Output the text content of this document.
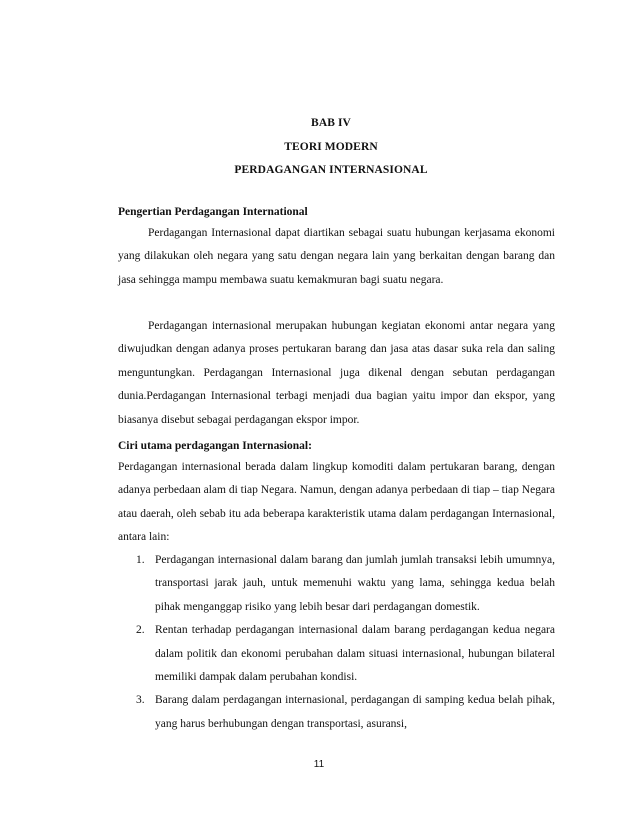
BAB IV
TEORI MODERN
PERDAGANGAN INTERNASIONAL
Pengertian Perdagangan International
Perdagangan Internasional dapat diartikan sebagai suatu hubungan kerjasama ekonomi yang dilakukan oleh negara yang satu dengan negara lain yang berkaitan dengan barang dan jasa sehingga mampu membawa suatu kemakmuran bagi suatu negara.
Perdagangan internasional merupakan hubungan kegiatan ekonomi antar negara yang diwujudkan dengan adanya proses pertukaran barang dan jasa atas dasar suka rela dan saling menguntungkan. Perdagangan Internasional juga dikenal dengan sebutan perdagangan dunia.Perdagangan Internasional terbagi menjadi dua bagian yaitu impor dan ekspor, yang biasanya disebut sebagai perdagangan ekspor impor.
Ciri utama perdagangan Internasional:
Perdagangan internasional berada dalam lingkup komoditi dalam pertukaran barang, dengan adanya perbedaan alam di tiap Negara. Namun, dengan adanya perbedaan di tiap – tiap Negara atau daerah, oleh sebab itu ada beberapa karakteristik utama dalam perdagangan Internasional, antara lain:
1. Perdagangan internasional dalam barang dan jumlah jumlah transaksi lebih umumnya, transportasi jarak jauh, untuk memenuhi waktu yang lama, sehingga kedua belah pihak menganggap risiko yang lebih besar dari perdagangan domestik.
2. Rentan terhadap perdagangan internasional dalam barang perdagangan kedua negara dalam politik dan ekonomi perubahan dalam situasi internasional, hubungan bilateral memiliki dampak dalam perubahan kondisi.
3. Barang dalam perdagangan internasional, perdagangan di samping kedua belah pihak, yang harus berhubungan dengan transportasi, asuransi,
11
